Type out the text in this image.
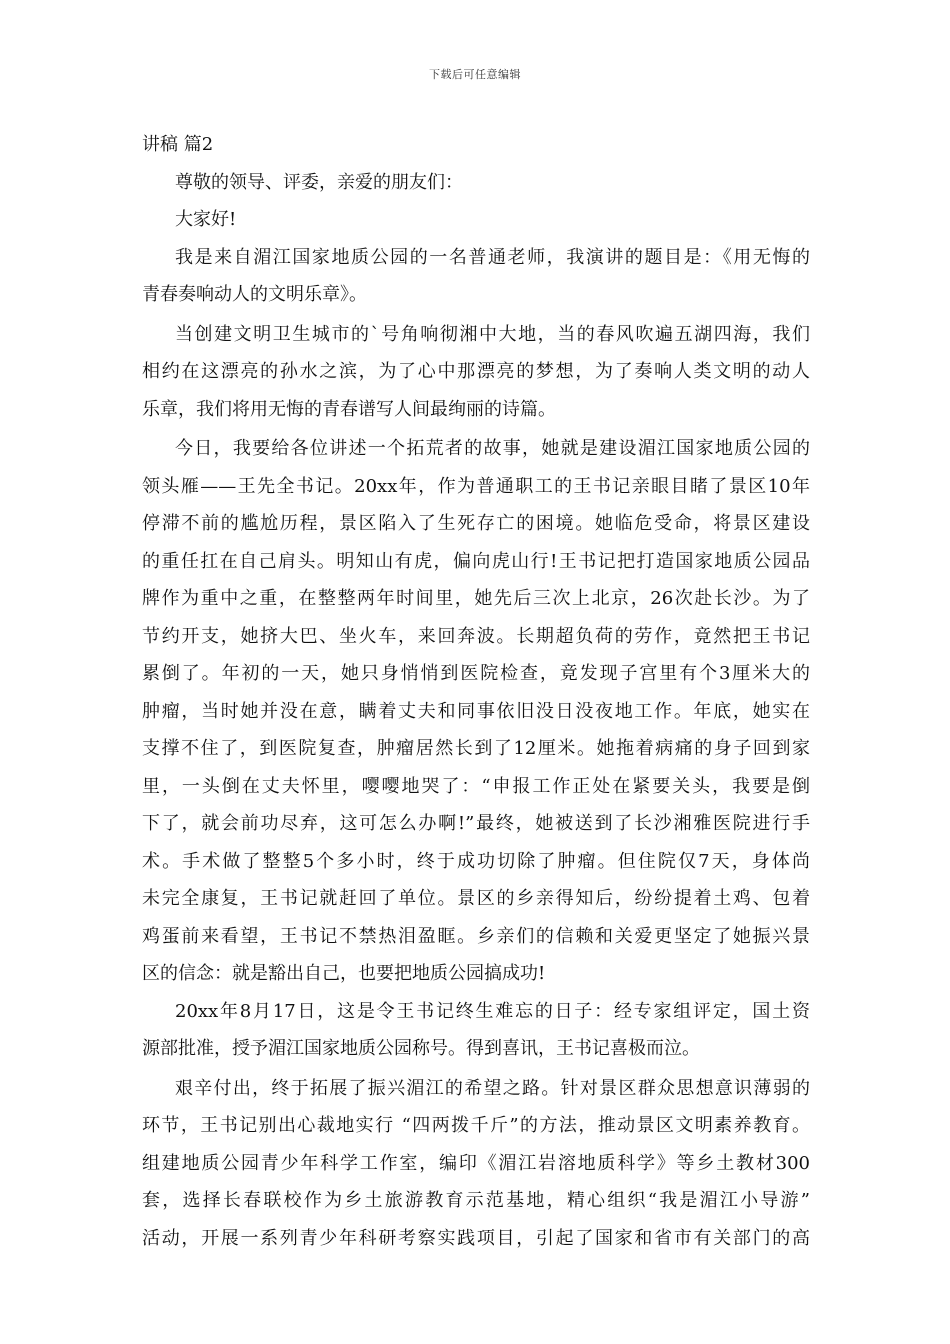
下载后可任意编辑
讲稿 篇2
尊敬的领导、评委，亲爱的朋友们：
大家好!
我是来自湄江国家地质公园的一名普通老师，我演讲的题目是：《用无悔的
青春奏响动人的文明乐章》。
当创建文明卫生城市的`号角响彻湘中大地，当的春风吹遍五湖四海，我们
相约在这漂亮的孙水之滨，为了心中那漂亮的梦想，为了奏响人类文明的动人
乐章，我们将用无悔的青春谱写人间最绚丽的诗篇。
今日，我要给各位讲述一个拓荒者的故事，她就是建设湄江国家地质公园的
领头雁——王先全书记。20xx年，作为普通职工的王书记亲眼目睹了景区10年
停滞不前的尴尬历程，景区陷入了生死存亡的困境。她临危受命，将景区建设
的重任扛在自己肩头。明知山有虎，偏向虎山行!王书记把打造国家地质公园品
牌作为重中之重，在整整两年时间里，她先后三次上北京，26次赴长沙。为了
节约开支，她挤大巴、坐火车，来回奔波。长期超负荷的劳作，竟然把王书记
累倒了。年初的一天，她只身悄悄到医院检查，竟发现子宫里有个3厘米大的
肿瘤，当时她并没在意，瞒着丈夫和同事依旧没日没夜地工作。年底，她实在
支撑不住了，到医院复查，肿瘤居然长到了12厘米。她拖着病痛的身子回到家
里，一头倒在丈夫怀里，嘤嘤地哭了：“申报工作正处在紧要关头，我要是倒
下了，就会前功尽弃，这可怎么办啊!”最终，她被送到了长沙湘雅医院进行手
术。手术做了整整5个多小时，终于成功切除了肿瘤。但住院仅7天，身体尚
未完全康复，王书记就赶回了单位。景区的乡亲得知后，纷纷提着土鸡、包着
鸡蛋前来看望，王书记不禁热泪盈眶。乡亲们的信赖和关爱更坚定了她振兴景
区的信念：就是豁出自己，也要把地质公园搞成功!
20xx年8月17日，这是令王书记终生难忘的日子：经专家组评定，国土资
源部批准，授予湄江国家地质公园称号。得到喜讯，王书记喜极而泣。
艰辛付出，终于拓展了振兴湄江的希望之路。针对景区群众思想意识薄弱的
环节，王书记别出心裁地实行 “四两拨千斤”的方法，推动景区文明素养教育。
组建地质公园青少年科学工作室，编印《湄江岩溶地质科学》等乡土教材300
套，选择长春联校作为乡土旅游教育示范基地，精心组织“我是湄江小导游”
活动，开展一系列青少年科研考察实践项目，引起了国家和省市有关部门的高
